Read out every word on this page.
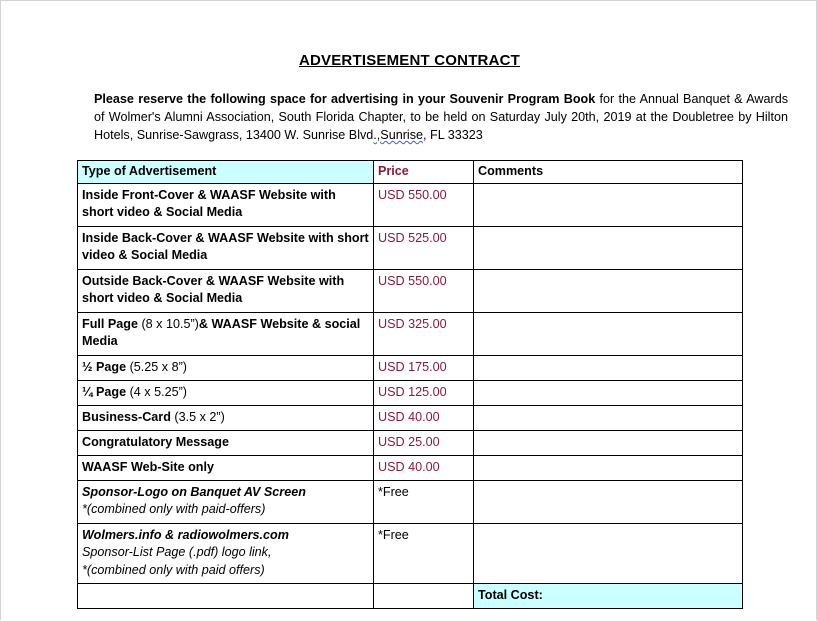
ADVERTISEMENT CONTRACT
Please reserve the following space for advertising in your Souvenir Program Book for the Annual Banquet & Awards of Wolmer's Alumni Association, South Florida Chapter, to be held on Saturday July 20th, 2019 at the Doubletree by Hilton Hotels, Sunrise-Sawgrass, 13400 W. Sunrise Blvd.,Sunrise, FL 33323
Type of Advertisement	Price	Comments
Inside Front-Cover & WAASF Website with short video & Social Media	USD 550.00	
Inside Back-Cover & WAASF Website with short video & Social Media	USD 525.00	
Outside Back-Cover & WAASF Website with short video & Social Media	USD 550.00	
Full Page (8 x 10.5”)& WAASF Website & social Media	USD 325.00	
½ Page (5.25 x 8”)	USD 175.00	
¼ Page (4 x 5.25”)	USD 125.00	
Business-Card (3.5 x 2”)	USD 40.00	
Congratulatory Message	USD 25.00	
WAASF Web-Site only	USD 40.00	

Sponsor-Logo on Banquet AV Screen
*(combined only with paid-offers)	*Free	

Wolmers.info & radiowolmers.com
Sponsor-List Page (.pdf) logo link,
*(combined only with paid offers)	*Free	
		Total Cost:
